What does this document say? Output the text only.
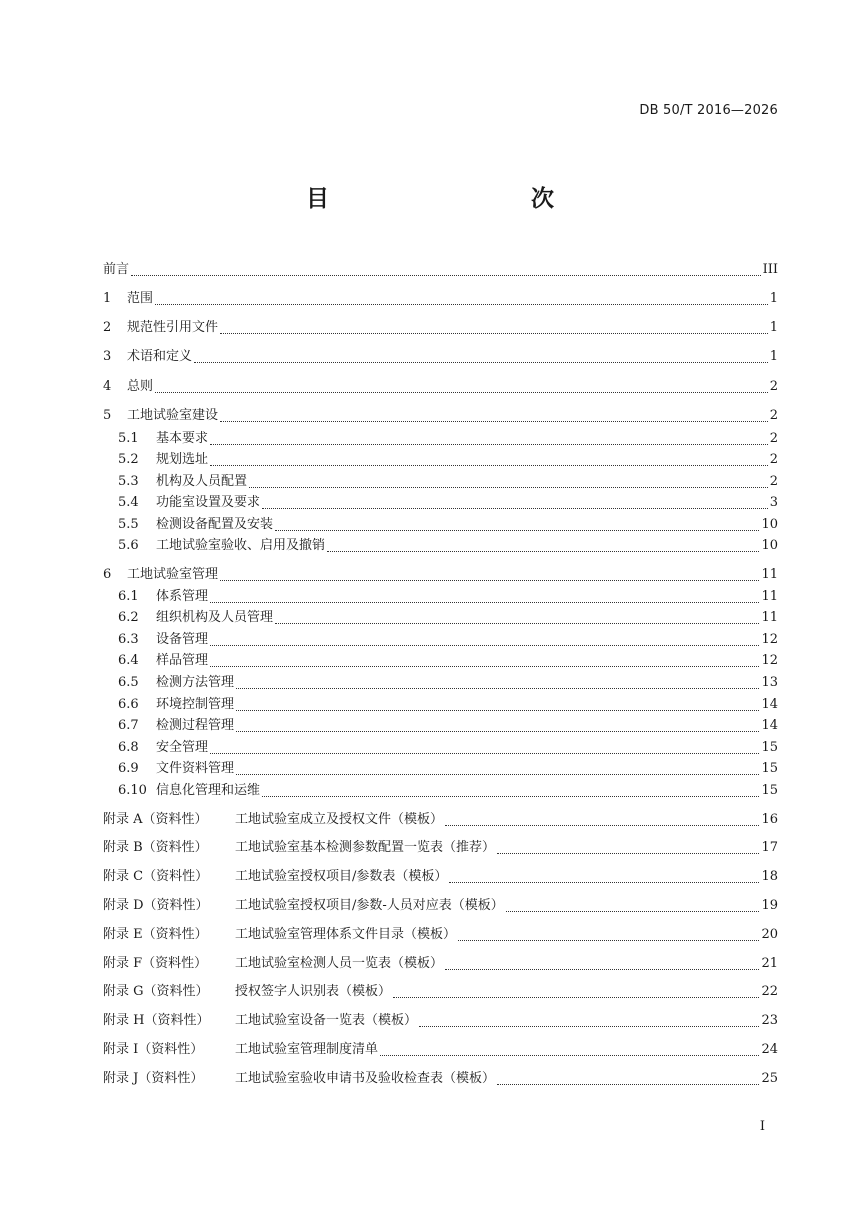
DB 50/T 2016—2026
目　　次
前言	III
1	范围	1
2	规范性引用文件	1
3	术语和定义	1
4	总则	2
5	工地试验室建设	2
5.1	基本要求	2
5.2	规划选址	2
5.3	机构及人员配置	2
5.4	功能室设置及要求	3
5.5	检测设备配置及安装	10
5.6	工地试验室验收、启用及撤销	10
6	工地试验室管理	11
6.1	体系管理	11
6.2	组织机构及人员管理	11
6.3	设备管理	12
6.4	样品管理	12
6.5	检测方法管理	13
6.6	环境控制管理	14
6.7	检测过程管理	14
6.8	安全管理	15
6.9	文件资料管理	15
6.10 信息化管理和运维	15
附录 A（资料性）	工地试验室成立及授权文件（模板）	16
附录 B（资料性）	工地试验室基本检测参数配置一览表（推荐）	17
附录 C（资料性）	工地试验室授权项目/参数表（模板）	18
附录 D（资料性）	工地试验室授权项目/参数-人员对应表（模板）	19
附录 E（资料性）	工地试验室管理体系文件目录（模板）	20
附录 F（资料性）	工地试验室检测人员一览表（模板）	21
附录 G（资料性）	授权签字人识别表（模板）	22
附录 H（资料性）	工地试验室设备一览表（模板）	23
附录 I（资料性）	工地试验室管理制度清单	24
附录 J（资料性）	工地试验室验收申请书及验收检查表（模板）	25
I
